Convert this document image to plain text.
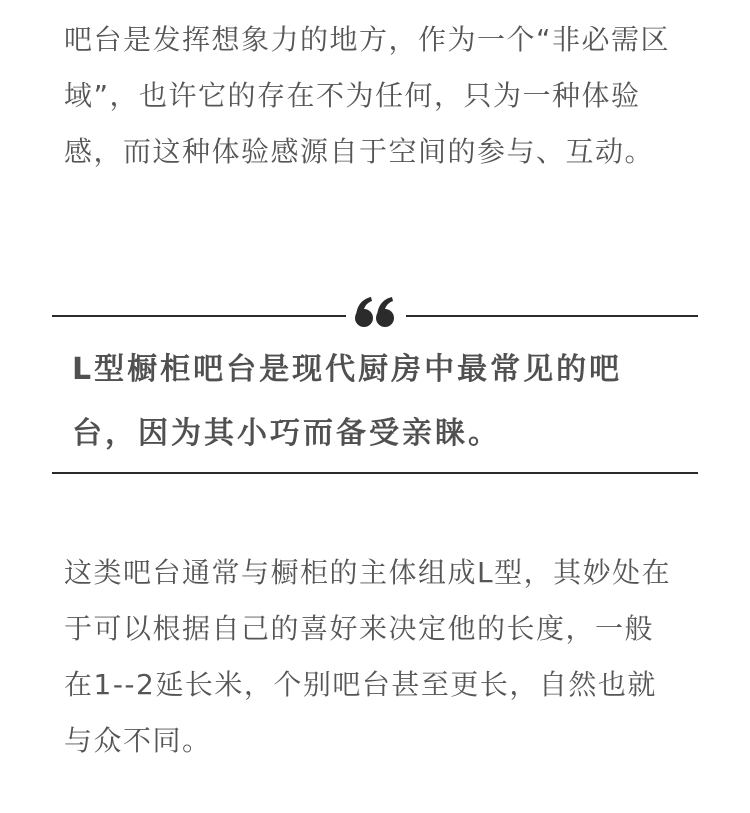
吧台是发挥想象力的地方，作为一个“非必需区
域”，也许它的存在不为任何，只为一种体验
感，而这种体验感源自于空间的参与、互动。
L型橱柜吧台是现代厨房中最常见的吧
台，因为其小巧而备受亲睐。
这类吧台通常与橱柜的主体组成L型，其妙处在
于可以根据自己的喜好来决定他的长度，一般
在1--2延长米，个别吧台甚至更长，自然也就
与众不同。
